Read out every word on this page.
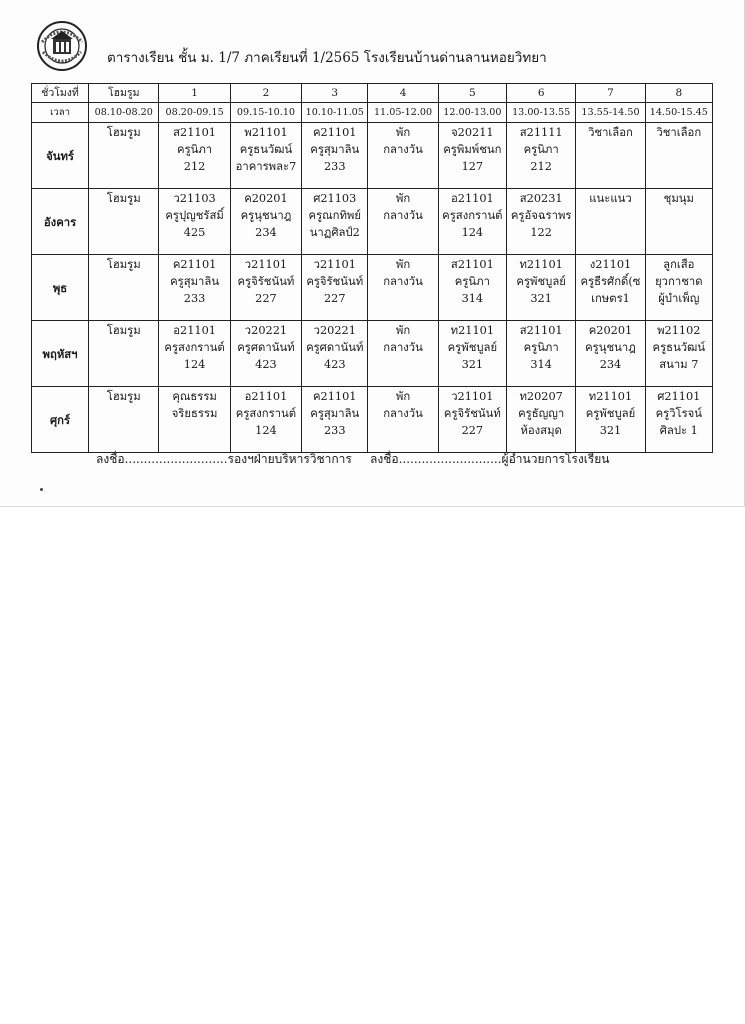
ตารางเรียน ชั้น ม. 1/7 ภาคเรียนที่ 1/2565 โรงเรียนบ้านด่านลานหอยวิทยา
ชั่วโมงที่	โฮมรูม	1	2	3	4	5	6	7	8
เวลา	08.10-08.20	08.20-09.15	09.15-10.10	10.10-11.05	11.05-12.00	12.00-13.00	13.00-13.55	13.55-14.50	14.50-15.45
จันทร์	โฮมรูม	ส21101
ครูนิภา
212	พ21101
ครูธนวัฒน์
อาคารพละ7	ค21101
ครูสุมาลิน
233	พัก
กลางวัน	จ20211
ครูพิมพ์ชนก
127	ส21111
ครูนิภา
212	วิชาเลือก	วิชาเลือก

อังคาร	โฮมรูม	ว21103
ครูปุญชรัสมิ์
425	ค20201
ครูนุชนาฎ
234	ศ21103
ครูณกทิพย์
นาฏศิลป์2	พัก
กลางวัน	อ21101
ครูสงกรานต์
124	ส20231
ครูอัจฉราพร
122	แนะแนว	ชุมนุม

พุธ	โฮมรูม	ค21101
ครูสุมาลิน
233	ว21101
ครูจิรัชนันท์
227	ว21101
ครูจิรัชนันท์
227	พัก
กลางวัน	ส21101
ครูนิภา
314	ท21101
ครูพัชบูลย์
321	ง21101
ครูธีรศักดิ์(ซ
เกษตร1	ลูกเสือ
ยุวกาชาด
ผู้บำเพ็ญ

พฤหัสฯ	โฮมรูม	อ21101
ครูสงกรานต์
124	ว20221
ครูศดานันท์
423	ว20221
ครูศดานันท์
423	พัก
กลางวัน	ท21101
ครูพัชบูลย์
321	ส21101
ครูนิภา
314	ค20201
ครูนุชนาฎ
234	พ21102
ครูธนวัฒน์
สนาม 7

ศุกร์	โฮมรูม	คุณธรรม
จริยธรรม	อ21101
ครูสงกรานต์
124	ค21101
ครูสุมาลิน
233	พัก
กลางวัน	ว21101
ครูจิรัชนันท์
227	ท20207
ครูธัญญา
ห้องสมุด	ท21101
ครูพัชบูลย์
321	ศ21101
ครูวิโรจน์
ศิลปะ 1
ลงชื่อ...........................รองฯฝ่ายบริหารวิชาการ ลงชื่อ...........................ผู้อำนวยการโรงเรียน
